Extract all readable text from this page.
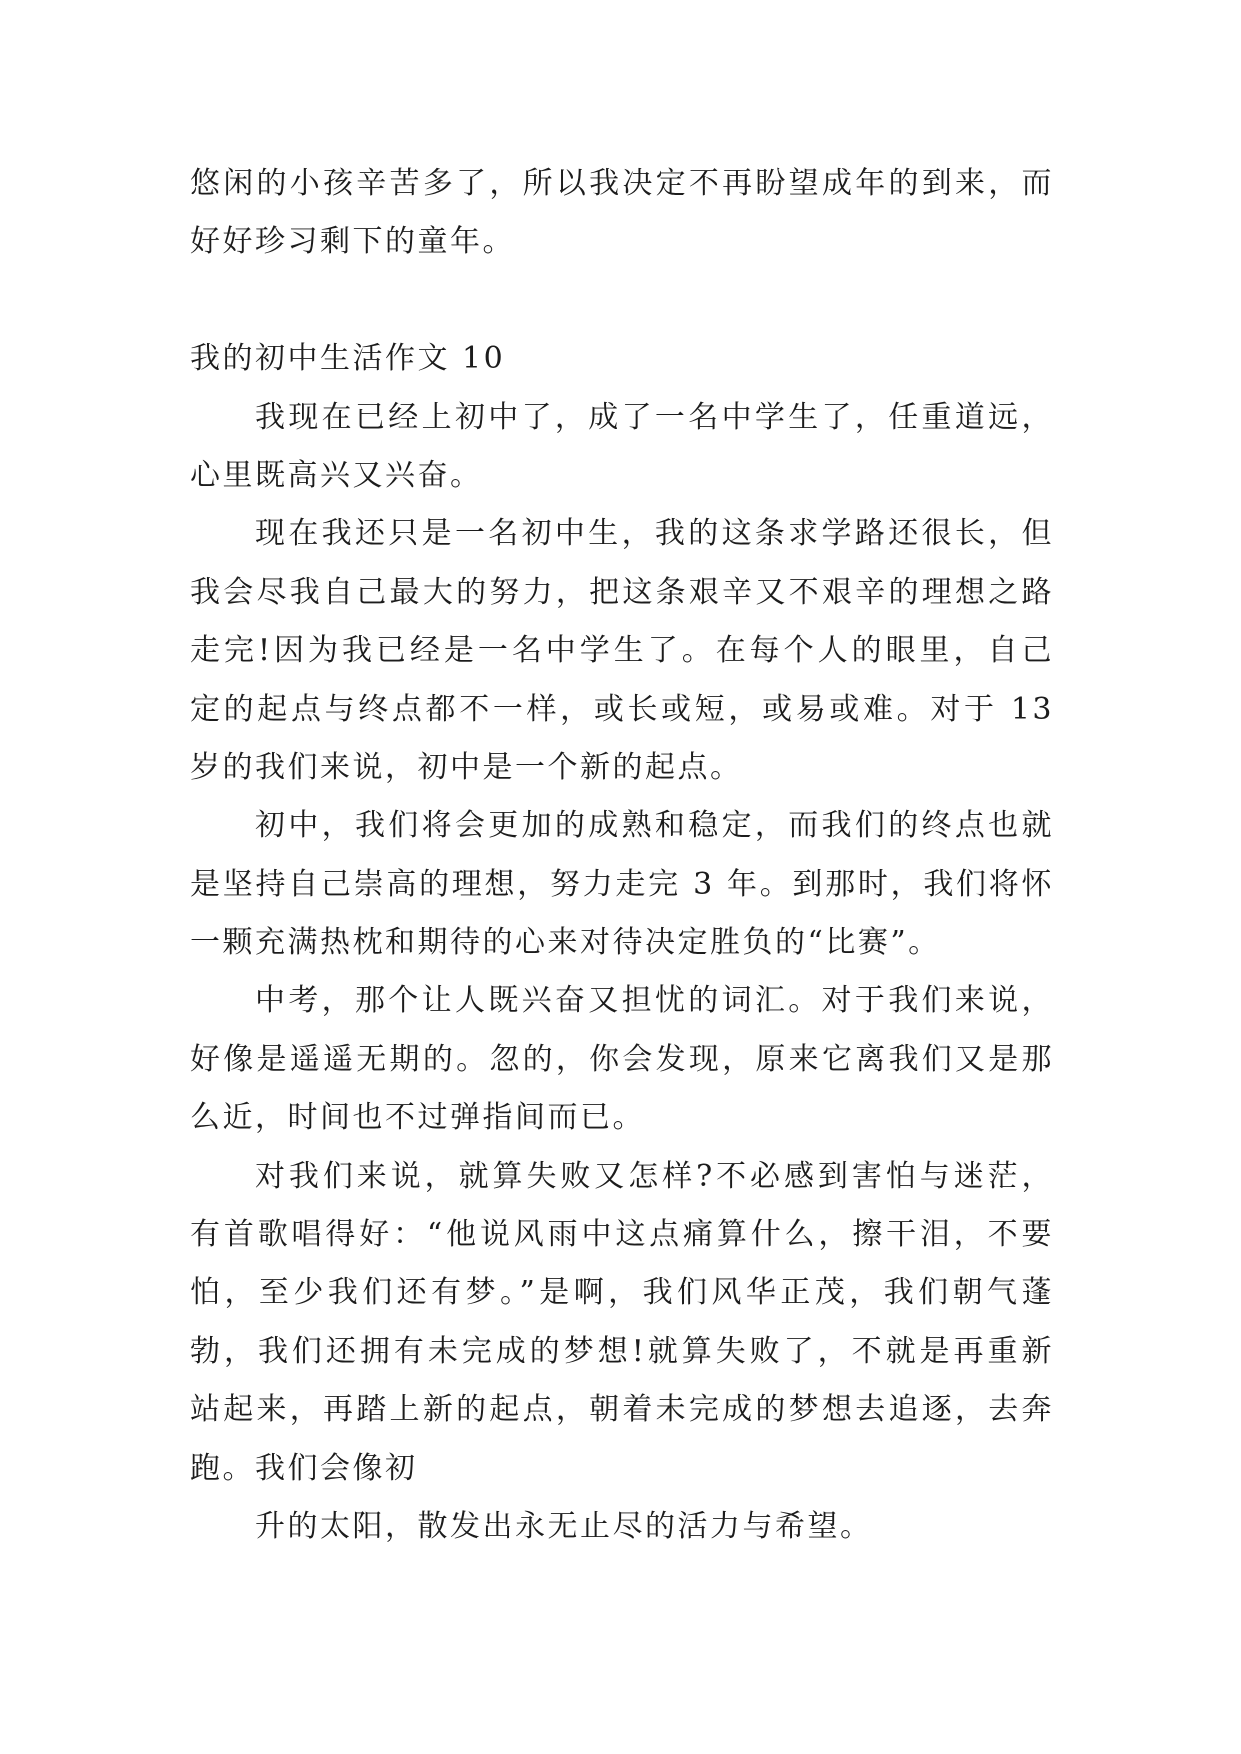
悠闲的小孩辛苦多了，所以我决定不再盼望成年的到来，而
好好珍习剩下的童年。
我的初中生活作文 10
我现在已经上初中了，成了一名中学生了，任重道远，
心里既高兴又兴奋。
现在我还只是一名初中生，我的这条求学路还很长，但
我会尽我自己最大的努力，把这条艰辛又不艰辛的理想之路
走完!因为我已经是一名中学生了。在每个人的眼里，自己
定的起点与终点都不一样，或长或短，或易或难。对于 13
岁的我们来说，初中是一个新的起点。
初中，我们将会更加的成熟和稳定，而我们的终点也就
是坚持自己崇高的理想，努力走完 3 年。到那时，我们将怀
一颗充满热枕和期待的心来对待决定胜负的“比赛”。
中考，那个让人既兴奋又担忧的词汇。对于我们来说，
好像是遥遥无期的。忽的，你会发现，原来它离我们又是那
么近，时间也不过弹指间而已。
对我们来说，就算失败又怎样?不必感到害怕与迷茫，
有首歌唱得好：“他说风雨中这点痛算什么，擦干泪，不要
怕，至少我们还有梦。”是啊，我们风华正茂，我们朝气蓬
勃，我们还拥有未完成的梦想!就算失败了，不就是再重新
站起来，再踏上新的起点，朝着未完成的梦想去追逐，去奔
跑。我们会像初
升的太阳，散发出永无止尽的活力与希望。
